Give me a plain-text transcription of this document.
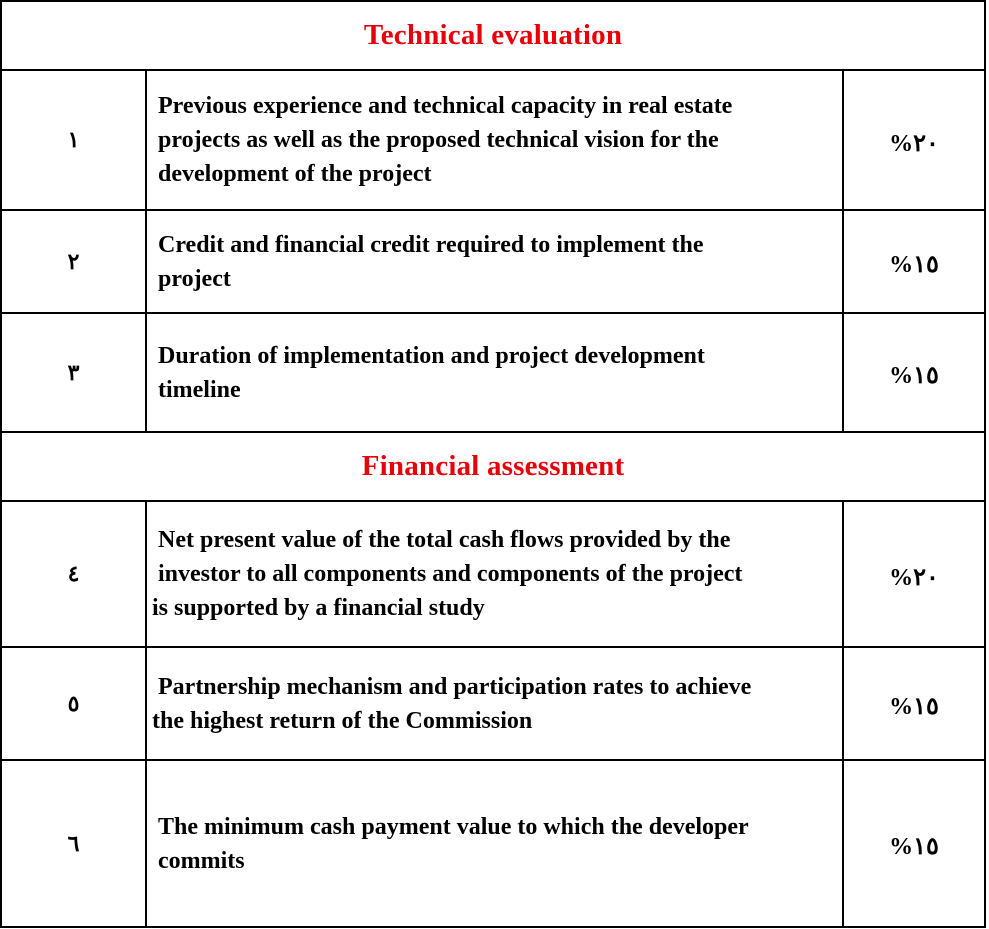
Technical evaluation		
١	Previous experience and technical capacity in real estate
projects as well as the proposed technical vision for the
development of the project	%٢٠
٢	Credit and financial credit required to implement the
project	%١٥
٣	Duration of implementation and project development
timeline	%١٥
Financial assessment		
٤	Net present value of the total cash flows provided by the
investor to all components and components of the project
is supported by a financial study	%٢٠
٥	Partnership mechanism and participation rates to achieve
the highest return of the Commission	%١٥
٦	The minimum cash payment value to which the developer
commits	%١٥
